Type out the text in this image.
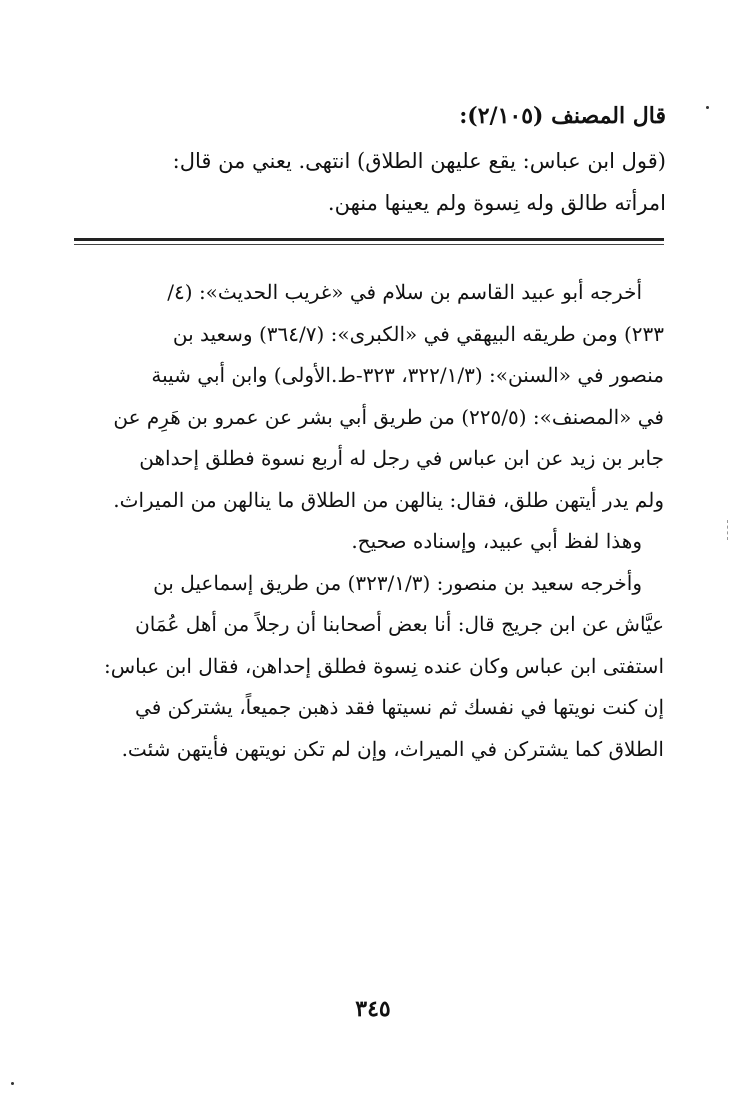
قال المصنف (٢/١٠٥):
(قول ابن عباس: يقع عليهن الطلاق) انتهى. يعني من قال:
امرأته طالق وله نِسوة ولم يعينها منهن.
أخرجه أبو عبيد القاسم بن سلام في «غريب الحديث»: (٤/
٢٣٣) ومن طريقه البيهقي في «الكبرى»: (٣٦٤/٧) وسعيد بن
منصور في «السنن»: (٣٢٢/١/٣، ٣٢٣-ط.الأولى) وابن أبي شيبة
في «المصنف»: (٢٢٥/٥) من طريق أبي بشر عن عمرو بن هَرِم عن
جابر بن زيد عن ابن عباس في رجل له أربع نسوة فطلق إحداهن
ولم يدر أيتهن طلق، فقال: ينالهن من الطلاق ما ينالهن من الميراث.
وهذا لفظ أبي عبيد، وإسناده صحيح.
وأخرجه سعيد بن منصور: (٣٢٣/١/٣) من طريق إسماعيل بن
عيَّاش عن ابن جريج قال: أنا بعض أصحابنا أن رجلاً من أهل عُمَان
استفتى ابن عباس وكان عنده نِسوة فطلق إحداهن، فقال ابن عباس:
إن كنت نويتها في نفسك ثم نسيتها فقد ذهبن جميعاً، يشتركن في
الطلاق كما يشتركن في الميراث، وإن لم تكن نويتهن فأيتهن شئت.
٣٤٥
